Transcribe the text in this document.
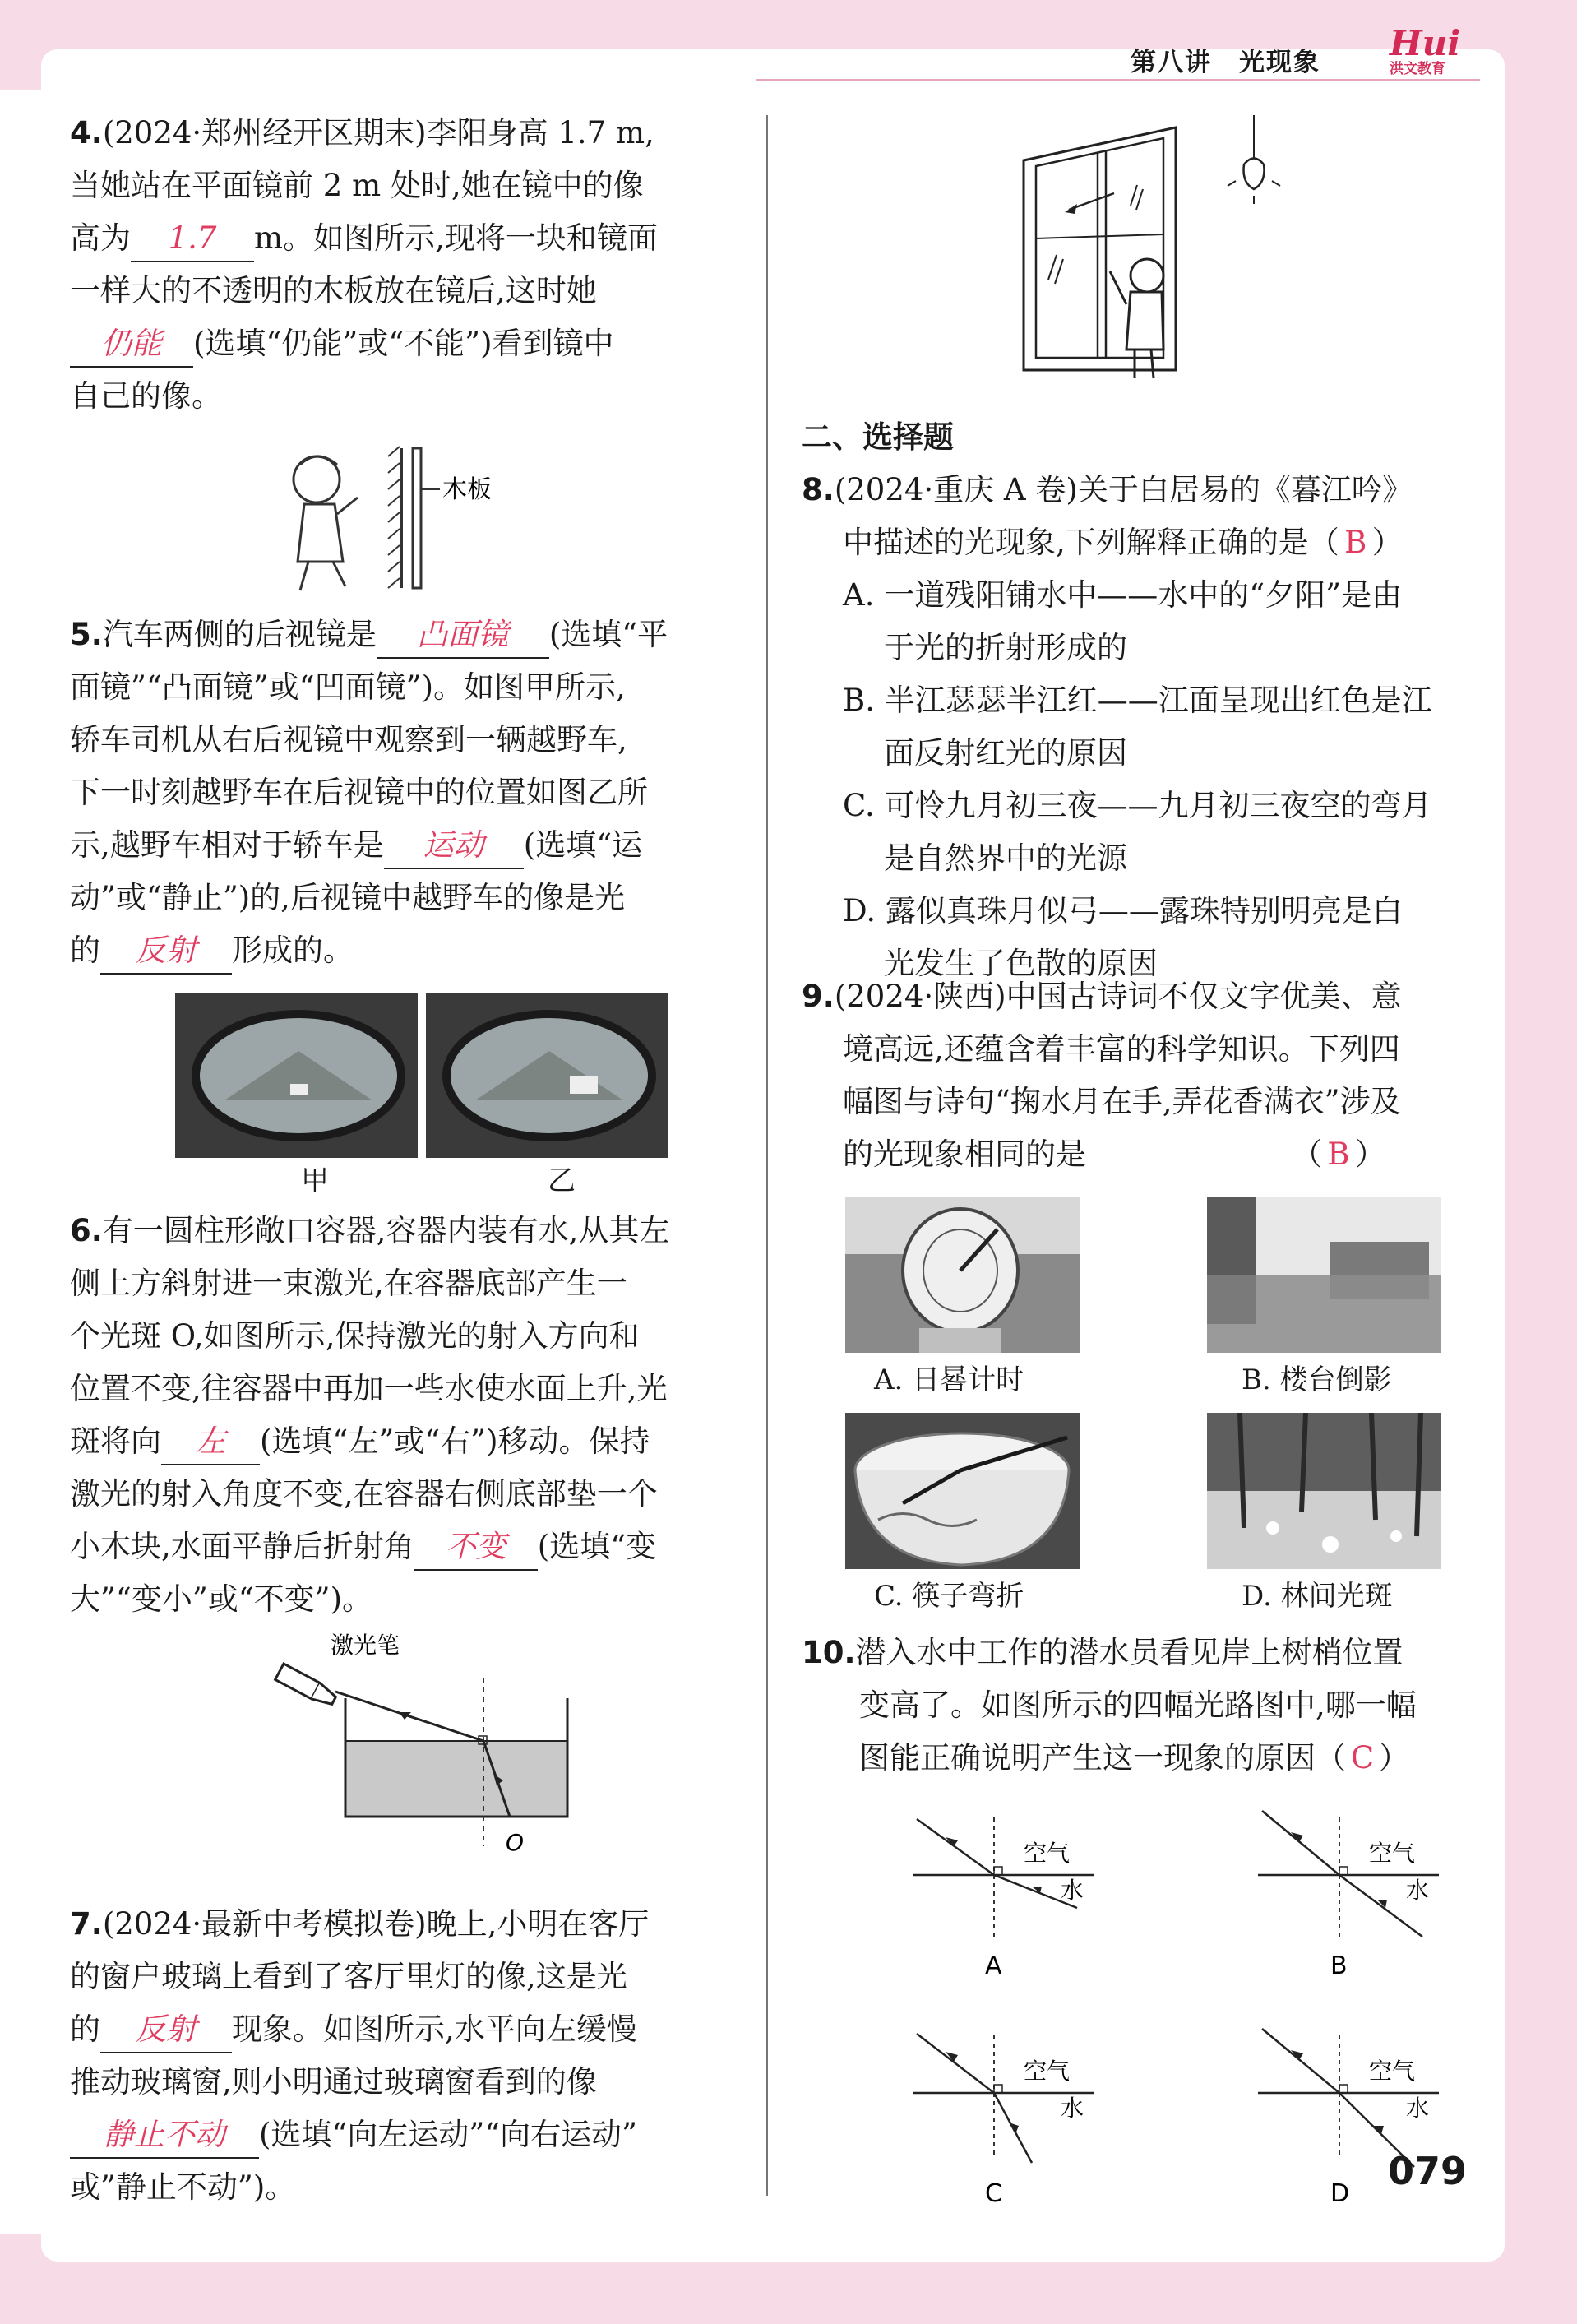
第八讲　光现象 Hui
洪文教育

4.(2024·郑州经开区期末)李阳身高 1.7 m,

当她站在平面镜前 2 m 处时,她在镜中的像

高为 1.7 m。如图所示,现将一块和镜面

一样大的不透明的木板放在镜后,这时她

仍能 (选填“仍能”或“不能”)看到镜中

自己的像。

木板

5.汽车两侧的后视镜是 凸面镜 (选填“平

面镜”“凸面镜”或“凹面镜”)。如图甲所示,

轿车司机从右后视镜中观察到一辆越野车,

下一时刻越野车在后视镜中的位置如图乙所

示,越野车相对于轿车是 运动 (选填“运

动”或“静止”)的,后视镜中越野车的像是光

的 反射 形成的。

甲	乙

6.有一圆柱形敞口容器,容器内装有水,从其左

侧上方斜射进一束激光,在容器底部产生一

个光斑 O,如图所示,保持激光的射入方向和

位置不变,往容器中再加一些水使水面上升,光

斑将向 左 (选填“左”或“右”)移动。保持

激光的射入角度不变,在容器右侧底部垫一个

小木块,水面平静后折射角 不变 (选填“变

大”“变小”或“不变”)。

激光笔
O

7.(2024·最新中考模拟卷)晚上,小明在客厅

的窗户玻璃上看到了客厅里灯的像,这是光

的 反射 现象。如图所示,水平向左缓慢

推动玻璃窗,则小明通过玻璃窗看到的像

静止不动 (选填“向左运动”“向右运动”

或”静止不动”)。

二、选择题

8.(2024·重庆 A 卷)关于白居易的《暮江吟》

中描述的光现象,下列解释正确的是（ B ）

A. 一道残阳铺水中——水中的“夕阳”是由

于光的折射形成的

B. 半江瑟瑟半江红——江面呈现出红色是江

面反射红光的原因

C. 可怜九月初三夜——九月初三夜空的弯月

是自然界中的光源

D. 露似真珠月似弓——露珠特别明亮是白

光发生了色散的原因

9.(2024·陕西)中国古诗词不仅文字优美、意

境高远,还蕴含着丰富的科学知识。下列四

幅图与诗句“掬水月在手,弄花香满衣”涉及

的光现象相同的是	（ B ）

A. 日晷计时	B. 楼台倒影
C. 筷子弯折	D. 林间光斑

10.潜入水中工作的潜水员看见岸上树梢位置

变高了。如图所示的四幅光路图中,哪一幅

图能正确说明产生这一现象的原因（ C ）

空气
水
A
空气
水
B
空气
水
C
空气
水
D
079
